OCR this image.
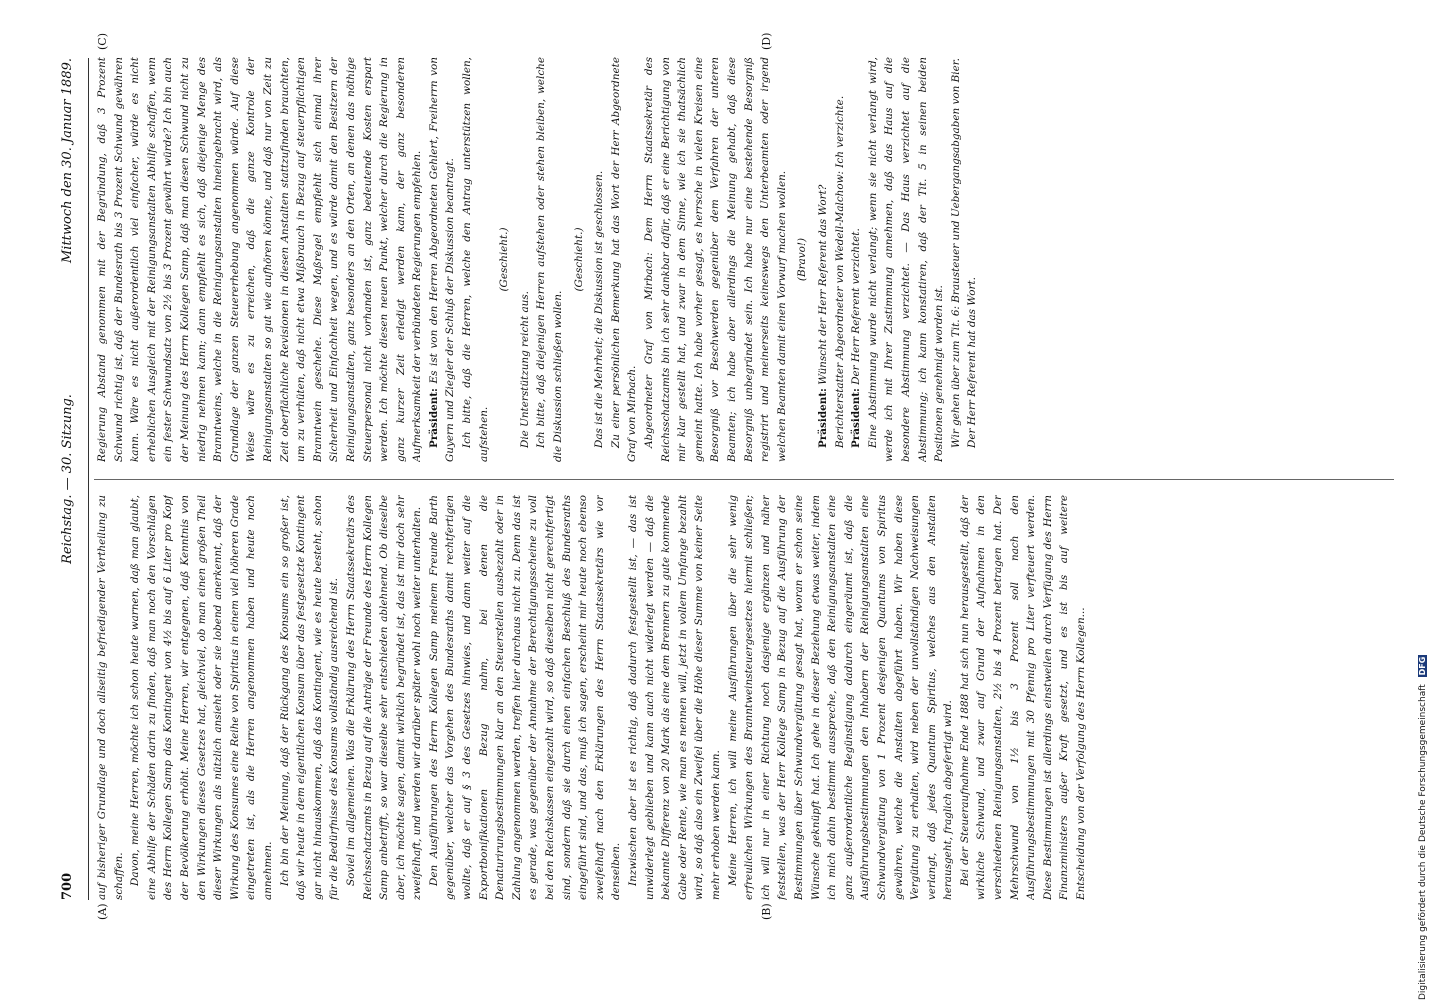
700
Reichstag. — 30. Sitzung.
Mittwoch den 30. Januar 1889.
(A)	(B)
(C)	(D)

auf bisheriger Grundlage und doch allseitig befriedigender Vertheilung zu schaffen. Davon, meine Herren, möchte ich schon heute warnen, daß man glaubt, eine Abhilfe der Schäden darin zu finden, daß man noch den Vorschlägen des Herrn Kollegen Samp das Kontingent von 4½ bis auf 6 Liter pro Kopf der Bevölkerung erhöht. Meine Herren, wir entgegnen, daß Kenntnis von den Wirkungen dieses Gesetzes hat, gleichviel, ob man einen großen Theil dieser Wirkungen als nützlich ansieht oder sie lobend anerkennt, daß der Wirkung des Konsumes eine Reihe von Spiritus in einem viel höheren Grade eingetreten ist, als die Herren angenommen haben und heute noch annehmen. Ich bin der Meinung, daß der Rückgang des Konsums ein so großer ist, daß wir heute in dem eigentlichen Konsum über das festgesetzte Kontingent gar nicht hinauskommen, daß das Kontingent, wie es heute besteht, schon für die Bedürfnisse des Konsums vollständig ausreichend ist. Soviel im allgemeinen. Was die Erklärung des Herrn Staatssekretärs des Reichsschatzamts in Bezug auf die Anträge der Freunde des Herrn Kollegen Samp anbetrifft, so war dieselbe sehr entschieden ablehnend. Ob dieselbe aber, ich möchte sagen, damit wirklich begründet ist, das ist mir doch sehr zweifelhaft, und werden wir darüber später wohl noch weiter unterhalten. Den Ausführungen des Herrn Kollegen Samp meinem Freunde Barth gegenüber, welcher das Vorgehen des Bundesraths damit rechtfertigen wollte, daß er auf § 3 des Gesetzes hinwies, und dann weiter auf die Exportbonifikationen Bezug nahm, bei denen die Denaturirungsbestimmungen klar an den Steuerstellen ausbezahlt oder in Zahlung angenommen werden, treffen hier durchaus nicht zu. Denn das ist es gerade, was gegenüber der Annahme der Berechtigungsscheine zu voll bei den Reichskassen eingezahlt wird, so daß dieselben nicht gerechtfertigt sind, sondern daß sie durch einen einfachen Beschluß des Bundesraths eingeführt sind, und das, muß ich sagen, erscheint mir heute noch ebenso zweifelhaft nach den Erklärungen des Herrn Staatssekretärs wie vor denselben. Inzwischen aber ist es richtig, daß dadurch festgestellt ist, — das ist unwiderlegt geblieben und kann auch nicht widerlegt werden — daß die bekannte Differenz von 20 Mark als eine dem Brennern zu gute kommende Gabe oder Rente, wie man es nennen will, jetzt in vollem Umfange bezahlt wird, so daß also ein Zweifel über die Höhe dieser Summe von keiner Seite mehr erhoben werden kann. Meine Herren, ich will meine Ausführungen über die sehr wenig erfreulichen Wirkungen des Branntweinsteuergesetzes hiermit schließen; ich will nur in einer Richtung noch dasjenige ergänzen und näher feststellen, was der Herr Kollege Samp in Bezug auf die Ausführung der Bestimmungen über Schwundvergütung gesagt hat, woran er schon seine Wünsche geknüpft hat. Ich gehe in dieser Beziehung etwas weiter, indem ich mich dahin bestimmt ausspreche, daß den Reinigungsanstalten eine ganz außerordentliche Begünstigung dadurch eingeräumt ist, daß die Ausführungsbestimmungen den Inhabern der Reinigungsanstalten eine Schwundvergütung von 1 Prozent desjenigen Quantums von Spiritus gewähren, welche die Anstalten abgeführt haben. Wir haben diese Vergütung zu erhalten, wird neben der unvollständigen Nachweisungen verlangt, daß jedes Quantum Spiritus, welches aus den Anstalten herausgeht, fraglich abgefertigt wird. Bei der Steueraufnahme Ende 1888 hat sich nun herausgestellt, daß der wirkliche Schwund, und zwar auf Grund der Aufnahmen in den verschiedenen Reinigungsanstalten, 2½ bis 4 Prozent betragen hat. Der Mehrschwund von 1½ bis 3 Prozent soll nach den Ausführungsbestimmungen mit 30 Pfennig pro Liter verfteuert werden. Diese Bestimmungen ist allerdings einstweilen durch Verfügung des Herrn Finanzministers außer Kraft gesetzt, und es ist bis auf weitere Entscheidung von der Verfolgung des Herrn Kollegen...

Regierung Abstand genommen mit der Begründung, daß 3 Prozent Schwund richtig ist, daß der Bundesrath bis 3 Prozent Schwund gewähren kann. Wäre es nicht außerordentlich viel einfacher, würde es nicht erheblichen Ausgleich mit der Reinigungsanstalten Abhilfe schaffen, wenn ein fester Schwundsatz von 2½ bis 3 Prozent gewährt würde? Ich bin auch der Meinung des Herrn Kollegen Samp, daß man diesen Schwund nicht zu niedrig nehmen kann; dann empfiehlt es sich, daß diejenige Menge des Branntweins, welche in die Reinigungsanstalten hineingebracht wird, als Grundlage der ganzen Steuererhebung angenommen würde. Auf diese Weise wäre es zu erreichen, daß die ganze Kontrole der Reinigungsanstalten so gut wie aufhören könnte, und daß nur von Zeit zu Zeit oberflächliche Revisionen in diesen Anstalten stattzufinden brauchten, um zu verhüten, daß nicht etwa Mißbrauch in Bezug auf steuerpflichtigen Branntwein geschehe. Diese Maßregel empfiehlt sich einmal ihrer Sicherheit und Einfachheit wegen, und es würde damit den Besitzern der Reinigungsanstalten, ganz besonders an den Orten, an denen das nöthige Steuerpersonal nicht vorhanden ist, ganz bedeutende Kosten erspart werden. Ich möchte diesen neuen Punkt, welcher durch die Regierung in ganz kurzer Zeit erledigt werden kann, der ganz besonderen Aufmerksamkeit der verbündeten Regierungen empfehlen. Präsident: Es ist von den Herren Abgeordneten Gehlert, Freiherrn von Guyern und Ziegler der Schluß der Diskussion beantragt. Ich bitte, daß die Herren, welche den Antrag unterstützen wollen, aufstehen.

(Geschieht.)

Die Unterstützung reicht aus. Ich bitte, daß diejenigen Herren aufstehen oder stehen bleiben, welche die Diskussion schließen wollen.

(Geschieht.) Das ist die Mehrheit; die Diskussion ist geschlossen. Zu einer persönlichen Bemerkung hat das Wort der Herr Abgeordnete Graf von Mirbach. Abgeordneter Graf von Mirbach: Dem Herrn Staatssekretär des Reichsschatzamts bin ich sehr dankbar dafür, daß er eine Berichtigung von mir klar gestellt hat, und zwar in dem Sinne, wie ich sie thatsächlich gemeint hatte. Ich habe vorher gesagt, es herrsche in vielen Kreisen eine Besorgniß vor Beschwerden gegenüber dem Verfahren der unteren Beamten; ich habe aber allerdings die Meinung gehabt, daß diese Besorgniß unbegründet sein. Ich habe nur eine bestehende Besorgniß registrirt und meinerseits keineswegs den Unterbeamten oder irgend welchen Beamten damit einen Vorwurf machen wollen. (Bravo!)

Präsident: Wünscht der Herr Referent das Wort? Berichterstatter Abgeordneter von Wedell-Malchow: Ich verzichte. Präsident: Der Herr Referent verzichtet. Eine Abstimmung wurde nicht verlangt; wenn sie nicht verlangt wird, werde ich mit Ihrer Zustimmung annehmen, daß das Haus auf die besondere Abstimmung verzichtet. — Das Haus verzichtet auf die Abstimmung; ich kann konstatiren, daß der Tit. 5 in seinen beiden Positionen genehmigt worden ist. Wir gehen über zum Tit. 6: Brausteuer und Uebergangsabgaben von Bier. Der Herr Referent hat das Wort.

Digitalisierung gefördert durch die Deutsche Forschungsgemeinschaft DFG
